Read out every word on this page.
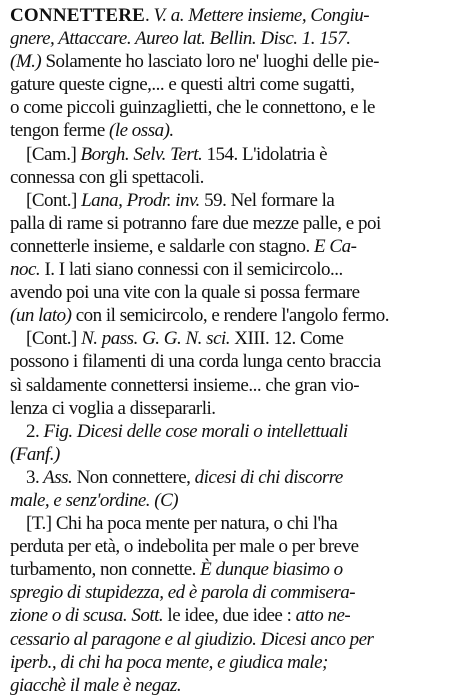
CONNETTERE. V. a. Mettere insieme, Congiu-
gnere, Attaccare. Aureo lat. Bellin. Disc. 1. 157.
(M.) Solamente ho lasciato loro ne' luoghi delle pie-
gature queste cigne,... e questi altri come sugatti,
o come piccoli guinzaglietti, che le connettono, e le
tengon ferme (le ossa).
[Cam.] Borgh. Selv. Tert. 154. L'idolatria è
connessa con gli spettacoli.
[Cont.] Lana, Prodr. inv. 59. Nel formare la
palla di rame si potranno fare due mezze palle, e poi
connetterle insieme, e saldarle con stagno. E Ca-
noc. I. I lati siano connessi con il semicircolo...
avendo poi una vite con la quale si possa fermare
(un lato) con il semicircolo, e rendere l'angolo fermo.
[Cont.] N. pass. G. G. N. sci. XIII. 12. Come
possono i filamenti di una corda lunga cento braccia
sì saldamente connettersi insieme... che gran vio-
lenza ci voglia a dissepararli.
2. Fig. Dicesi delle cose morali o intellettuali
(Fanf.)
3. Ass. Non connettere, dicesi di chi discorre
male, e senz'ordine. (C)
[T.] Chi ha poca mente per natura, o chi l'ha
perduta per età, o indebolita per male o per breve
turbamento, non connette. È dunque biasimo o
spregio di stupidezza, ed è parola di commisera-
zione o di scusa. Sott. le idee, due idee : atto ne-
cessario al paragone e al giudizio. Dicesi anco per
iperb., di chi ha poca mente, e giudica male;
giacchè il male è negaz.
